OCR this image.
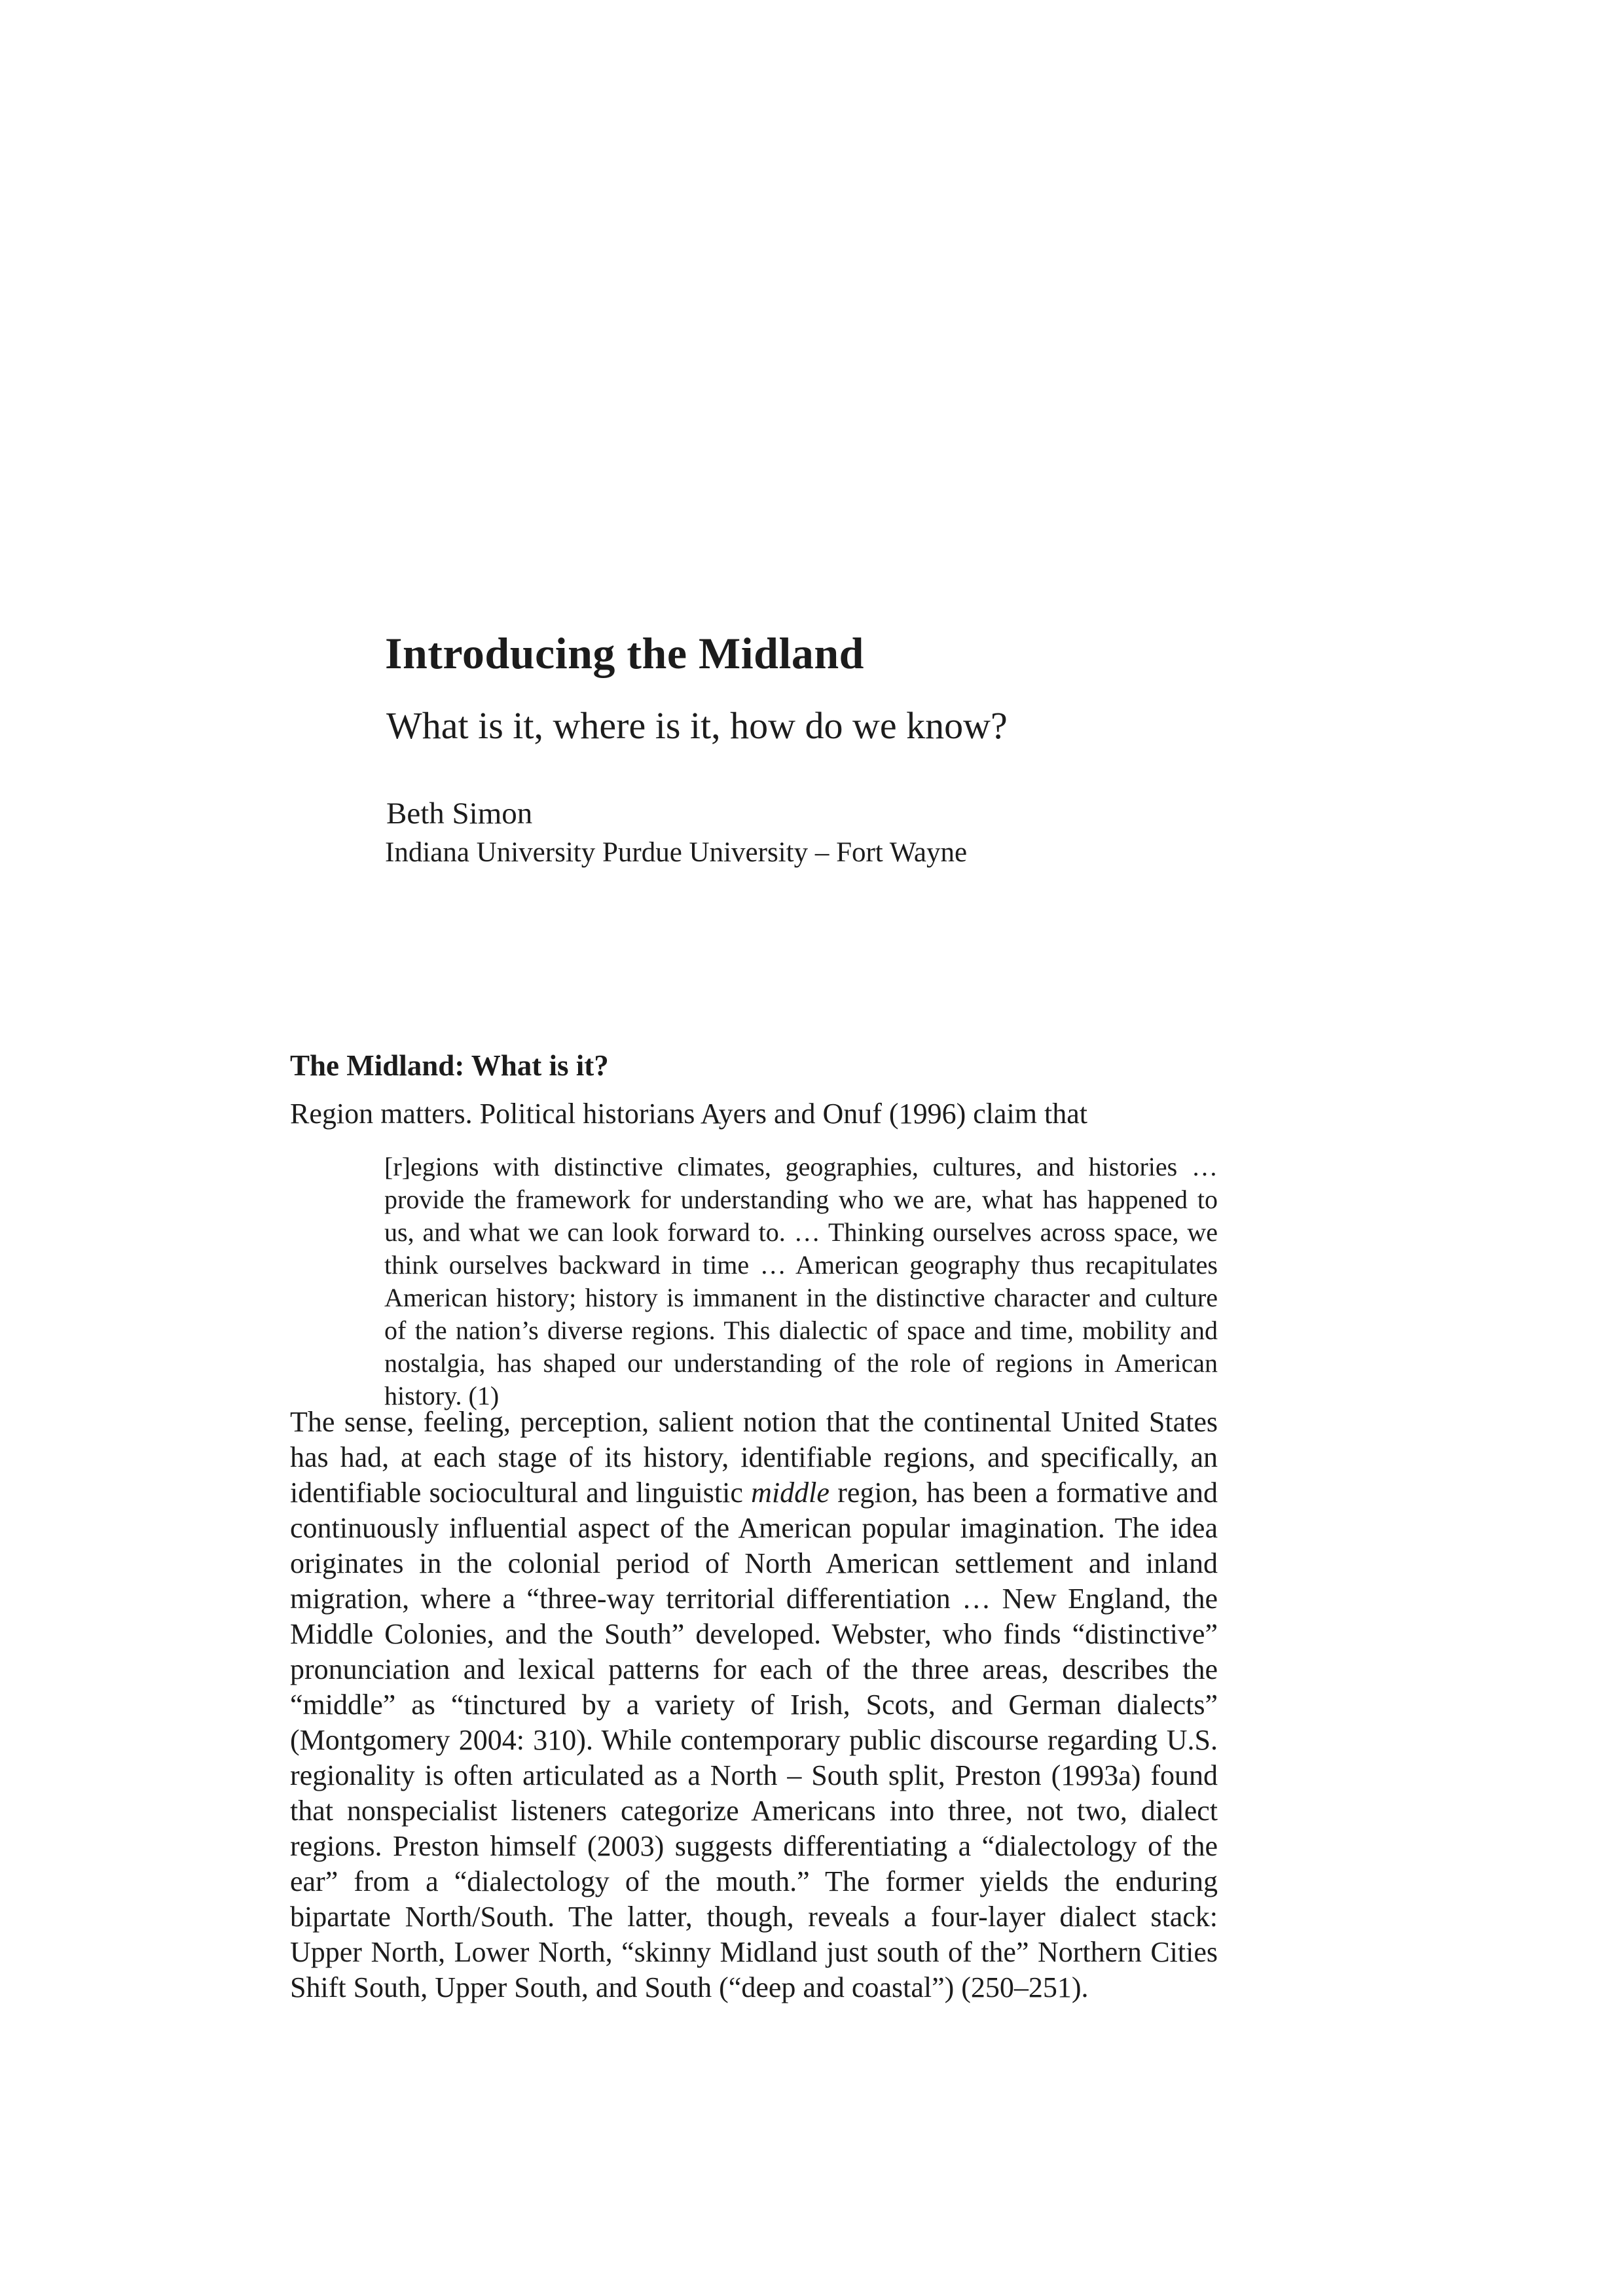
Introducing the Midland
What is it, where is it, how do we know?
Beth Simon
Indiana University Purdue University – Fort Wayne
The Midland: What is it?

Region matters. Political historians Ayers and Onuf (1996) claim that

[r]egions with distinctive climates, geographies, cultures, and histories … provide the framework for understanding who we are, what has happened to us, and what we can look forward to. … Thinking ourselves across space, we think ourselves backward in time … American geography thus recapitulates American history; history is immanent in the distinctive character and culture of the nation’s diverse regions. This dialectic of space and time, mobility and nostalgia, has shaped our understanding of the role of regions in American history. (1)

The sense, feeling, perception, salient notion that the continental United States has had, at each stage of its history, identifiable regions, and specifically, an identifiable sociocultural and linguistic middle region, has been a formative and continuously influential aspect of the American popular imagination. The idea originates in the colonial period of North American settlement and inland migration, where a “three-way territorial differentiation … New England, the Middle Colonies, and the South” developed. Webster, who finds “distinctive” pronunciation and lexical patterns for each of the three areas, describes the “middle” as “tinctured by a variety of Irish, Scots, and German dialects” (Montgomery 2004: 310). While contemporary public discourse regarding U.S. regionality is often articulated as a North – South split, Preston (1993a) found that nonspecialist listeners categorize Americans into three, not two, dialect regions. Preston himself (2003) suggests differentiating a “dialectology of the ear” from a “dialectology of the mouth.” The former yields the enduring bipartate North/South. The latter, though, reveals a four-layer dialect stack: Upper North, Lower North, “skinny Midland just south of the” Northern Cities Shift South, Upper South, and South (“deep and coastal”) (250–251).
